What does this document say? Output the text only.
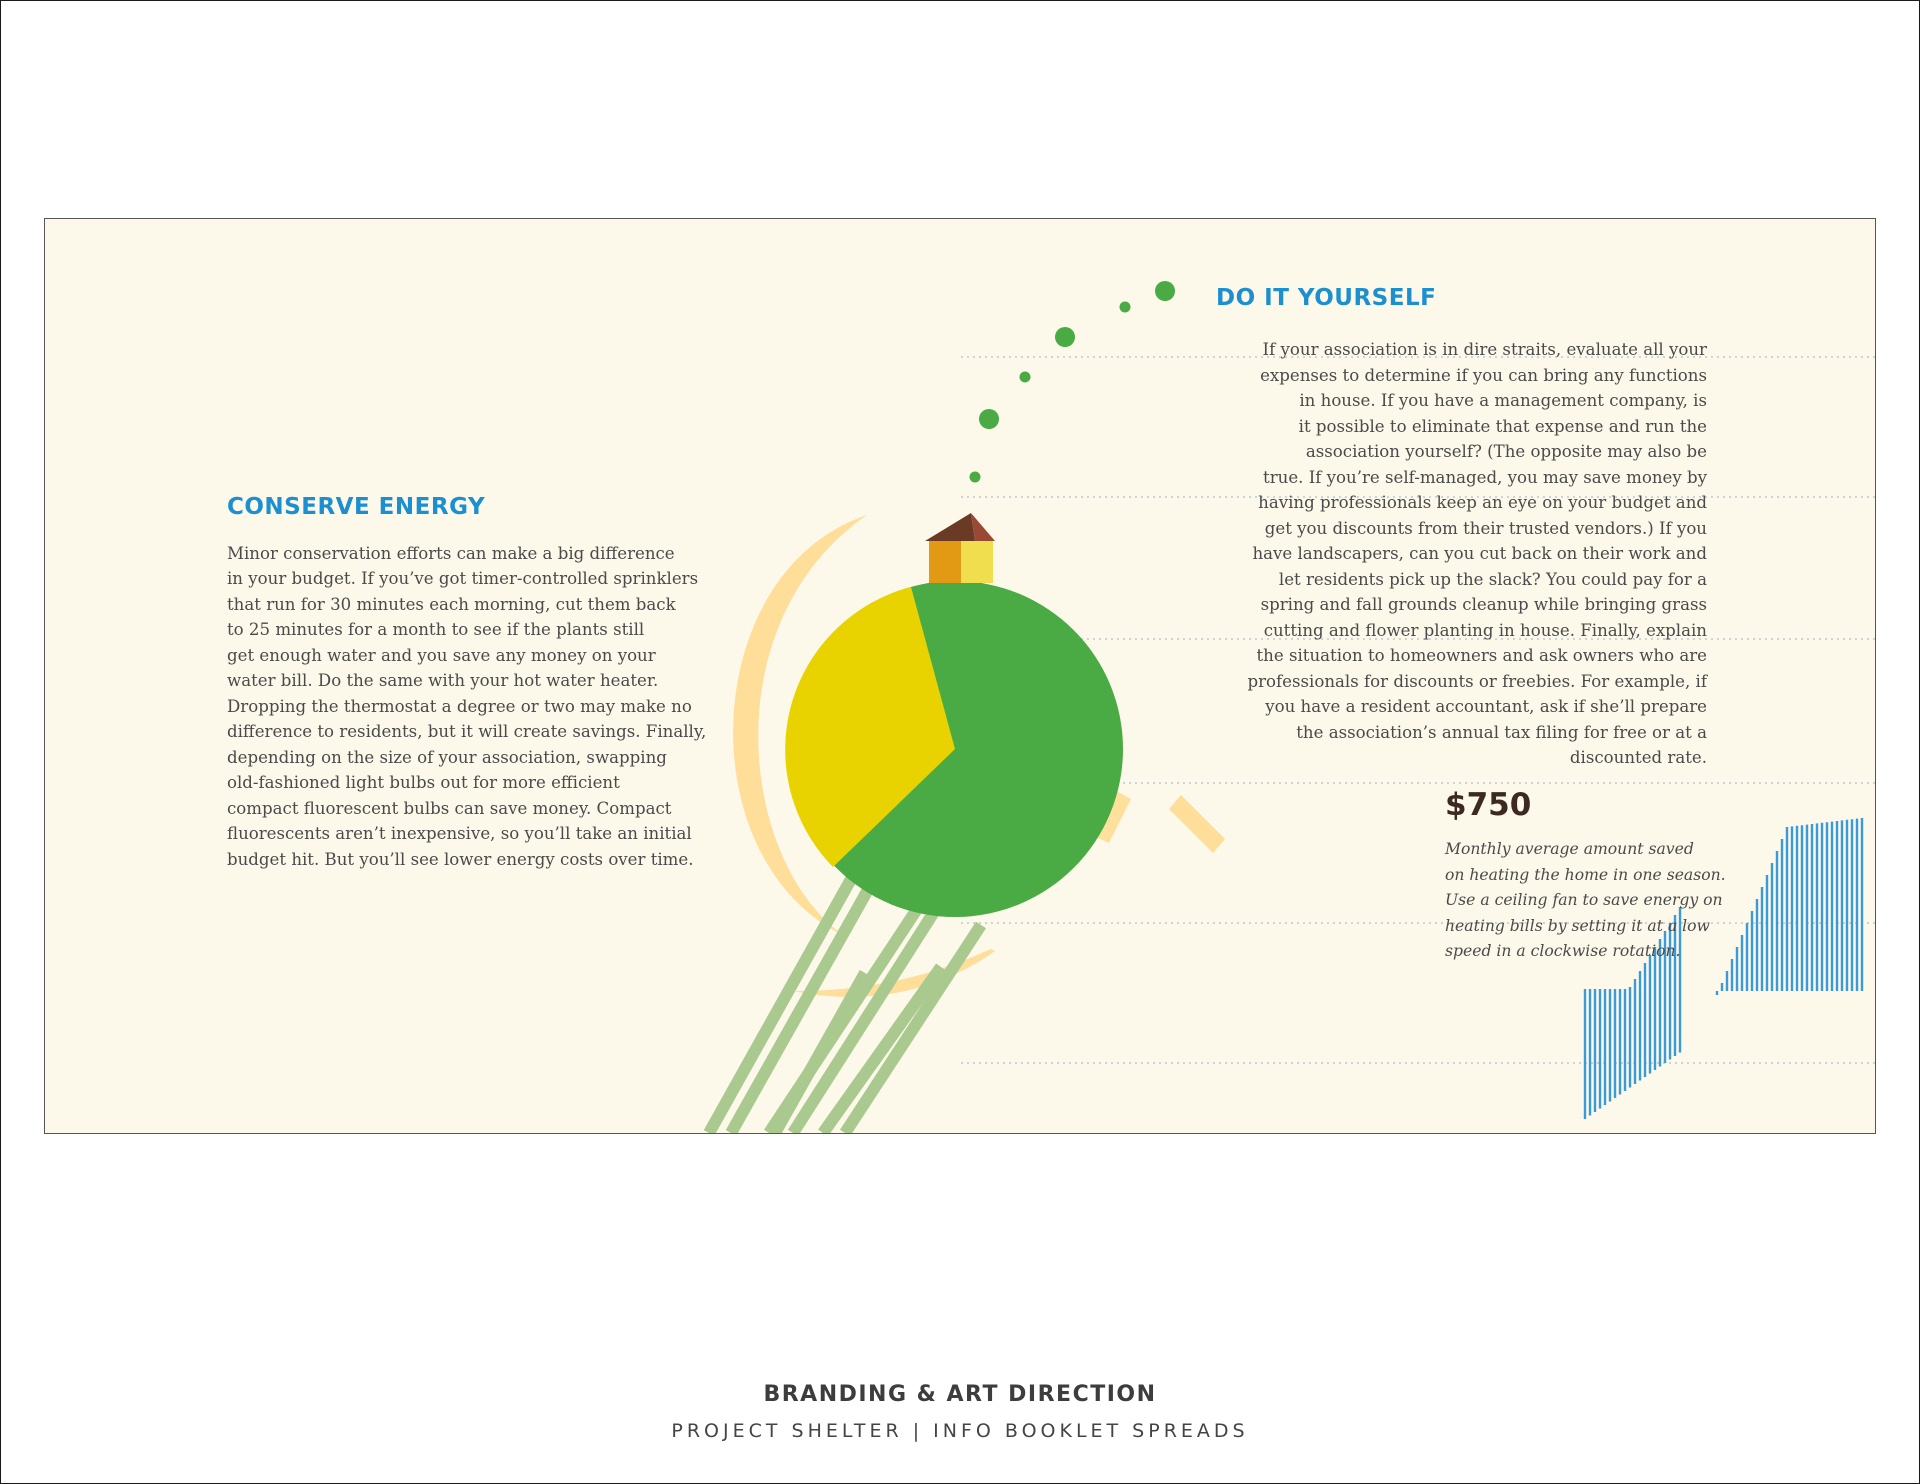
CONSERVE ENERGY
Minor conservation efforts can make a big difference
in your budget. If you’ve got timer-controlled sprinklers
that run for 30 minutes each morning, cut them back
to 25 minutes for a month to see if the plants still
get enough water and you save any money on your
water bill. Do the same with your hot water heater.
Dropping the thermostat a degree or two may make no
difference to residents, but it will create savings. Finally,
depending on the size of your association, swapping
old-fashioned light bulbs out for more efficient
compact fluorescent bulbs can save money. Compact
fluorescents aren’t inexpensive, so you’ll take an initial
budget hit. But you’ll see lower energy costs over time.
DO IT YOURSELF
If your association is in dire straits, evaluate all your
expenses to determine if you can bring any functions
in house. If you have a management company, is
it possible to eliminate that expense and run the
association yourself? (The opposite may also be
true. If you’re self-managed, you may save money by
having professionals keep an eye on your budget and
get you discounts from their trusted vendors.) If you
have landscapers, can you cut back on their work and
let residents pick up the slack? You could pay for a
spring and fall grounds cleanup while bringing grass
cutting and flower planting in house. Finally, explain
the situation to homeowners and ask owners who are
professionals for discounts or freebies. For example, if
you have a resident accountant, ask if she’ll prepare
the association’s annual tax filing for free or at a
discounted rate.
$750
Monthly average amount saved
on heating the home in one season.
Use a ceiling fan to save energy on
heating bills by setting it at a low
speed in a clockwise rotation.
BRANDING & ART DIRECTION
PROJECT SHELTER | INFO BOOKLET SPREADS
